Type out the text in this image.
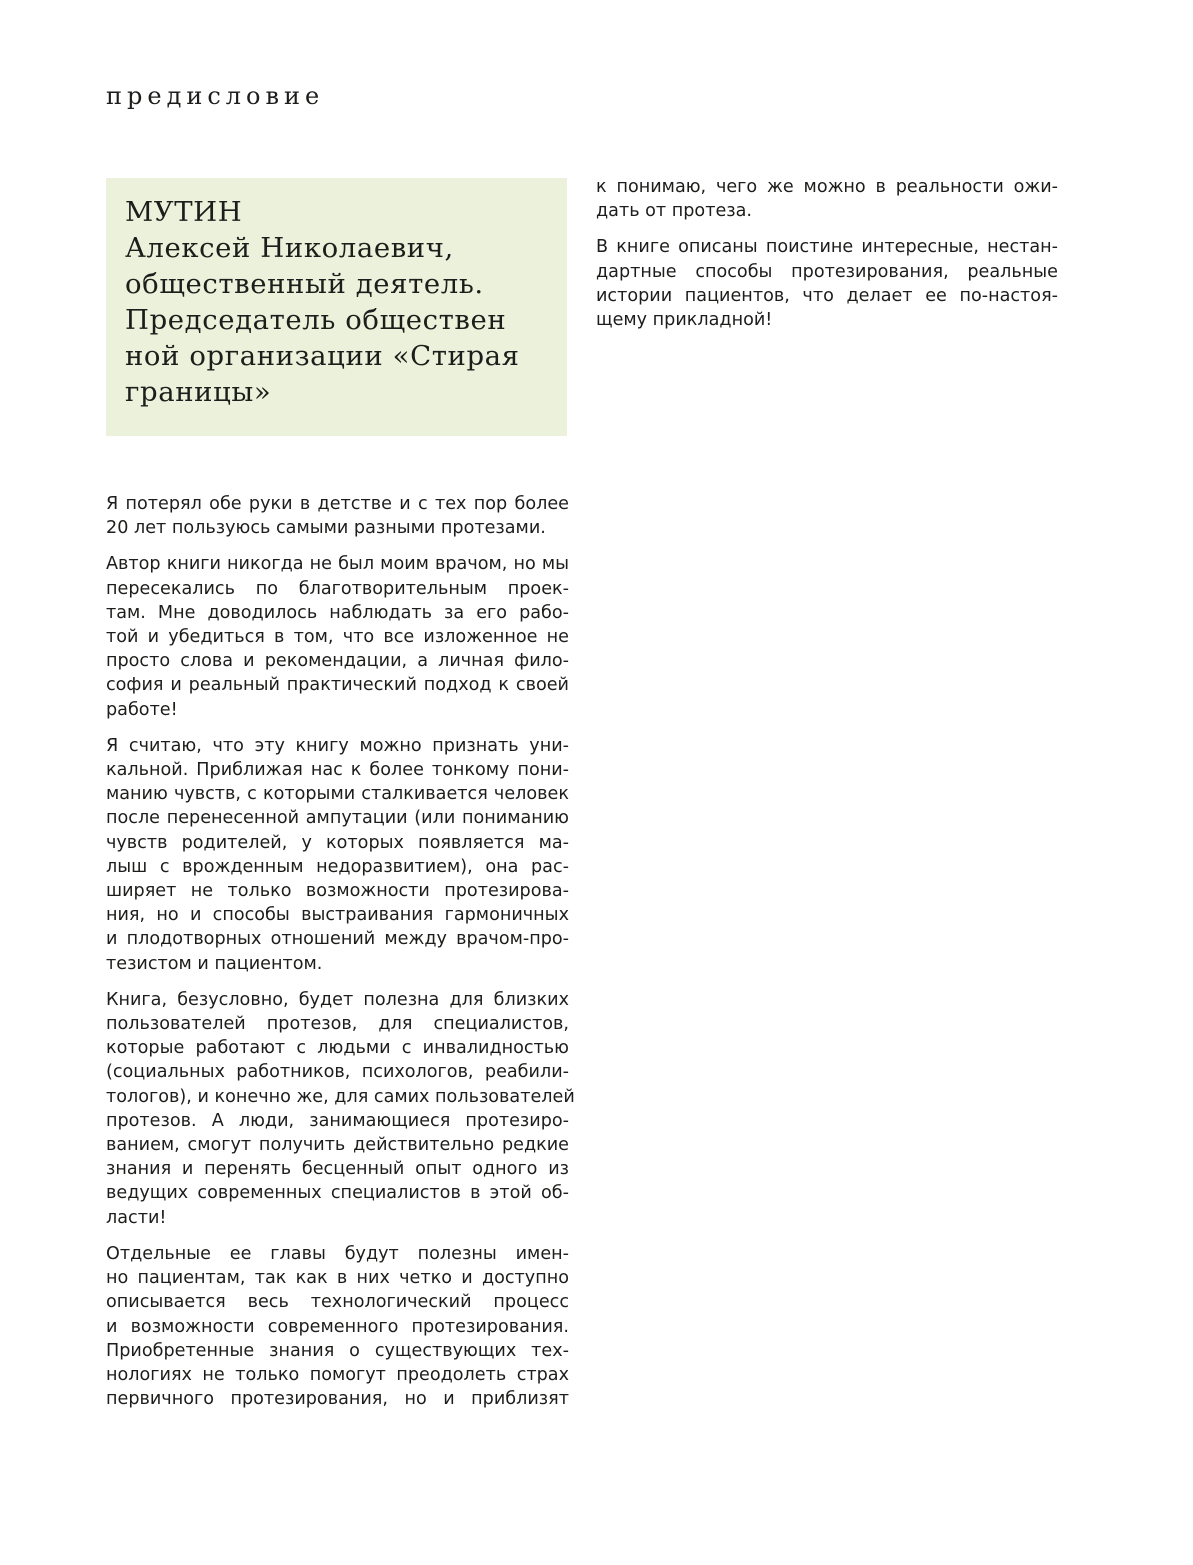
предисловие
МУТИН
Алексей Николаевич,
общественный деятель.
Председатель обществен
ной организации «Стирая
границы»
Я потерял обе руки в детстве и с тех пор более
20 лет пользуюсь самыми разными протезами.
Автор книги никогда не был моим врачом, но мы
пересекались по благотворительным проек-
там. Мне доводилось наблюдать за его рабо-
той и убедиться в том, что все изложенное не
просто слова и рекомендации, а личная фило-
софия и реальный практический подход к своей
работе!
Я считаю, что эту книгу можно признать уни-
кальной. Приближая нас к более тонкому пони-
манию чувств, с которыми сталкивается человек
после перенесенной ампутации (или пониманию
чувств родителей, у которых появляется ма-
лыш с врожденным недоразвитием), она рас-
ширяет не только возможности протезирова-
ния, но и способы выстраивания гармоничных
и плодотворных отношений между врачом-про-
тезистом и пациентом.
Книга, безусловно, будет полезна для близких
пользователей протезов, для специалистов,
которые работают с людьми с инвалидностью
(социальных работников, психологов, реабили-
тологов), и конечно же, для самих пользователей
протезов. А люди, занимающиеся протезиро-
ванием, смогут получить действительно редкие
знания и перенять бесценный опыт одного из
ведущих современных специалистов в этой об-
ласти!
Отдельные ее главы будут полезны имен-
но пациентам, так как в них четко и доступно
описывается весь технологический процесс
и возможности современного протезирования.
Приобретенные знания о существующих тех-
нологиях не только помогут преодолеть страх
первичного протезирования, но и приблизят
к понимаю, чего же можно в реальности ожи-
дать от протеза.
В книге описаны поистине интересные, нестан-
дартные способы протезирования, реальные
истории пациентов, что делает ее по-настоя-
щему прикладной!
